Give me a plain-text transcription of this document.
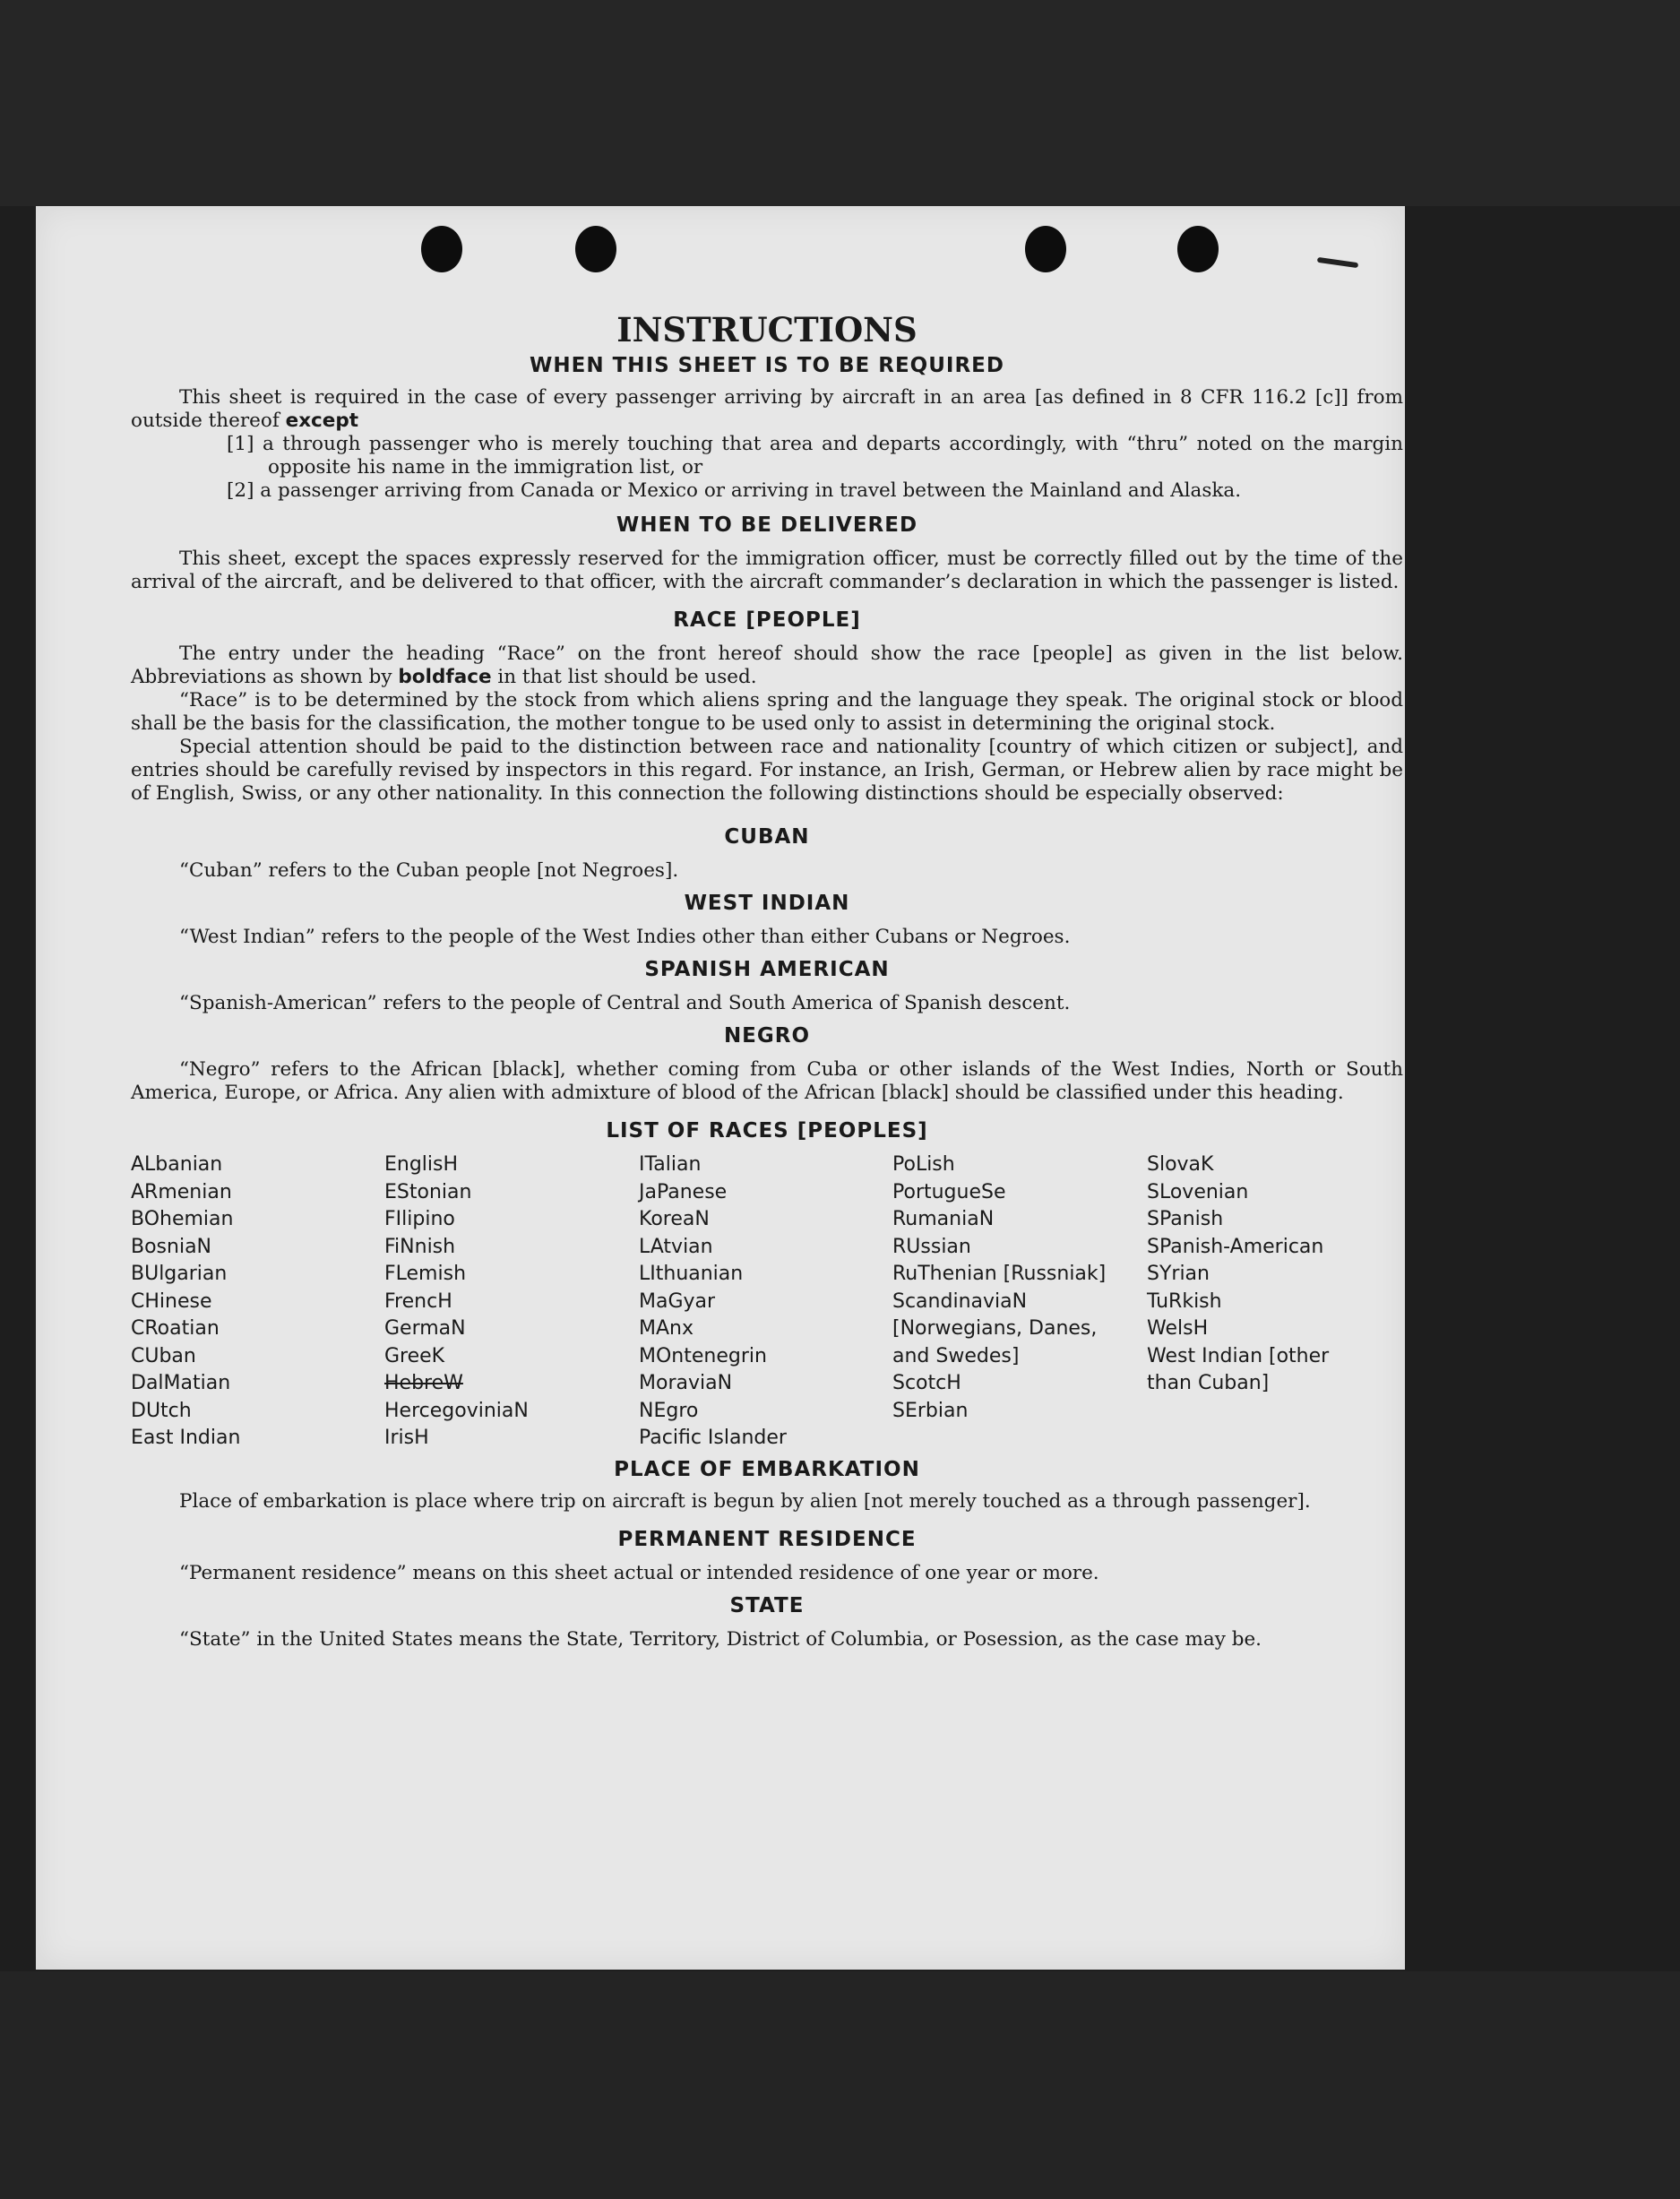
INSTRUCTIONS
WHEN THIS SHEET IS TO BE REQUIRED

This sheet is required in the case of every passenger arriving by aircraft in an area [as defined in 8 CFR 116.2 [c]] from outside thereof except

[1] a through passenger who is merely touching that area and departs accordingly, with “thru” noted on the margin opposite his name in the immigration list, or

[2] a passenger arriving from Canada or Mexico or arriving in travel between the Mainland and Alaska.

WHEN TO BE DELIVERED

This sheet, except the spaces expressly reserved for the immigration officer, must be correctly filled out by the time of the arrival of the aircraft, and be delivered to that officer, with the aircraft commander’s declaration in which the passenger is listed.

RACE [PEOPLE]

The entry under the heading “Race” on the front hereof should show the race [people] as given in the list below. Abbreviations as shown by boldface in that list should be used.

“Race” is to be determined by the stock from which aliens spring and the language they speak. The original stock or blood shall be the basis for the classification, the mother tongue to be used only to assist in determining the original stock.

Special attention should be paid to the distinction between race and nationality [country of which citizen or subject], and entries should be carefully revised by inspectors in this regard. For instance, an Irish, German, or Hebrew alien by race might be of English, Swiss, or any other nationality. In this connection the following distinctions should be especially observed:

CUBAN

“Cuban” refers to the Cuban people [not Negroes].

WEST INDIAN

“West Indian” refers to the people of the West Indies other than either Cubans or Negroes.

SPANISH AMERICAN

“Spanish-American” refers to the people of Central and South America of Spanish descent.

NEGRO

“Negro” refers to the African [black], whether coming from Cuba or other islands of the West Indies, North or South America, Europe, or Africa. Any alien with admixture of blood of the African [black] should be classified under this heading.

LIST OF RACES [PEOPLES]
ALbanian
ARmenian
BOhemian
BosniaN
BUlgarian
CHinese
CRoatian
CUban
DalMatian
DUtch
East Indian
EnglisH
EStonian
FIlipino
FiNnish
FLemish
FrencH
GermaN
GreeK
HebreW
HercegoviniaN
IrisH
ITalian
JaPanese
KoreaN
LAtvian
LIthuanian
MaGyar
MAnx
MOntenegrin
MoraviaN
NEgro
Pacific Islander
PoLish
PortugueSe
RumaniaN
RUssian
RuThenian [Russniak]
ScandinaviaN [Norwegians, Danes, and Swedes]
ScotcH
SErbian
SlovaK
SLovenian
SPanish
SPanish-American
SYrian
TuRkish
WelsH
West Indian [other than Cuban]
PLACE OF EMBARKATION

Place of embarkation is place where trip on aircraft is begun by alien [not merely touched as a through passenger].

PERMANENT RESIDENCE

“Permanent residence” means on this sheet actual or intended residence of one year or more.

STATE

“State” in the United States means the State, Territory, District of Columbia, or Posession, as the case may be.
